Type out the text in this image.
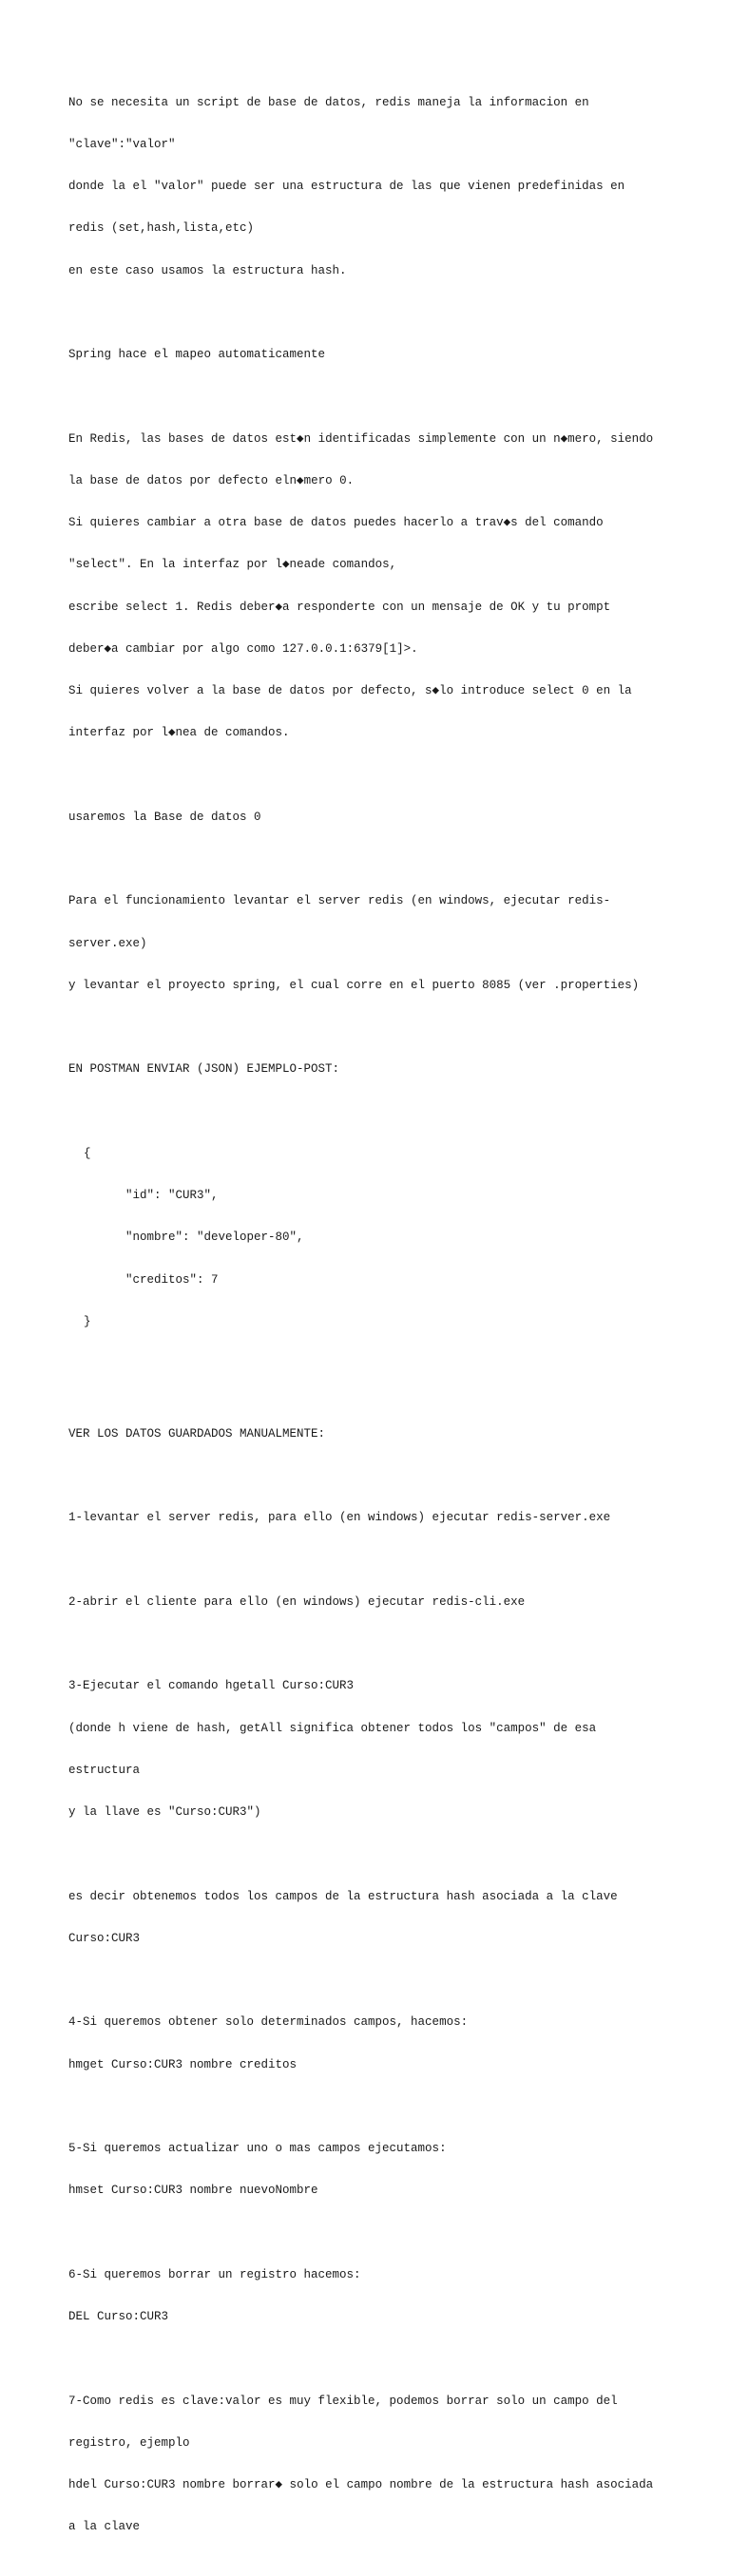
No se necesita un script de base de datos, redis maneja la informacion en

"clave":"valor"

donde la el "valor" puede ser una estructura de las que vienen predefinidas en

redis (set,hash,lista,etc)

en este caso usamos la estructura hash.

Spring hace el mapeo automaticamente

En Redis, las bases de datos est◆n identificadas simplemente con un n◆mero, siendo

la base de datos por defecto eln◆mero 0.

Si quieres cambiar a otra base de datos puedes hacerlo a trav◆s del comando

"select". En la interfaz por l◆neade comandos,

escribe select 1. Redis deber◆a responderte con un mensaje de OK y tu prompt

deber◆a cambiar por algo como 127.0.0.1:6379[1]>.

Si quieres volver a la base de datos por defecto, s◆lo introduce select 0 en la

interfaz por l◆nea de comandos.

usaremos la Base de datos 0

Para el funcionamiento levantar el server redis (en windows, ejecutar redis-

server.exe)

y levantar el proyecto spring, el cual corre en el puerto 8085 (ver .properties)

EN POSTMAN ENVIAR (JSON) EJEMPLO-POST:

{

"id": "CUR3",

"nombre": "developer-80",

"creditos": 7

}

VER LOS DATOS GUARDADOS MANUALMENTE:

1-levantar el server redis, para ello (en windows) ejecutar redis-server.exe

2-abrir el cliente para ello (en windows) ejecutar redis-cli.exe

3-Ejecutar el comando hgetall Curso:CUR3

(donde h viene de hash, getAll significa obtener todos los "campos" de esa

estructura

y la llave es "Curso:CUR3")

es decir obtenemos todos los campos de la estructura hash asociada a la clave

Curso:CUR3

4-Si queremos obtener solo determinados campos, hacemos:

hmget Curso:CUR3 nombre creditos

5-Si queremos actualizar uno o mas campos ejecutamos:

hmset Curso:CUR3 nombre nuevoNombre

6-Si queremos borrar un registro hacemos:

DEL Curso:CUR3

7-Como redis es clave:valor es muy flexible, podemos borrar solo un campo del

registro, ejemplo

hdel Curso:CUR3 nombre borrar◆ solo el campo nombre de la estructura hash asociada

a la clave
